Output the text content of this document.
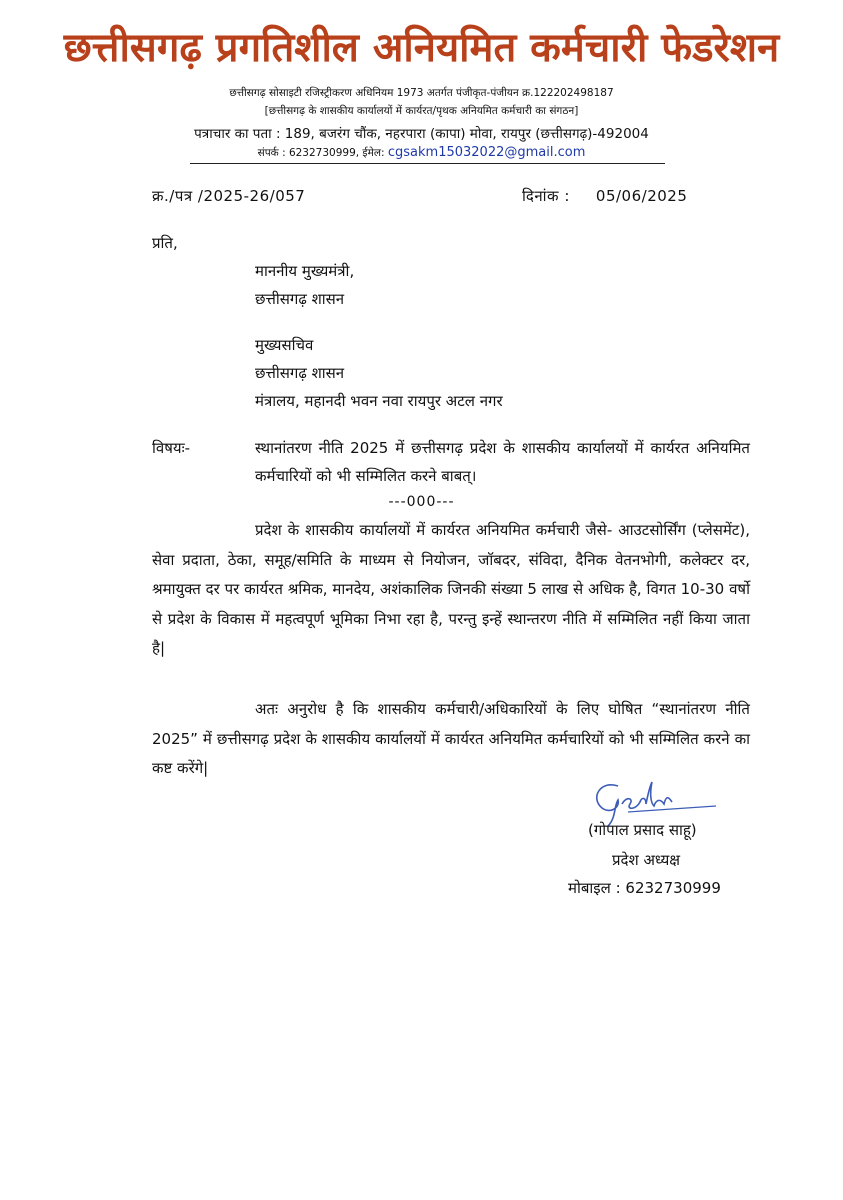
छत्तीसगढ़ प्रगतिशील अनियमित कर्मचारी फेडरेशन
छत्तीसगढ़ सोसाइटी रजिस्ट्रीकरण अधिनियम 1973 अतर्गत पंजीकृत-पंजीयन क्र.122202498187
[छत्तीसगढ़ के शासकीय कार्यालयों में कार्यरत/पृथक अनियमित कर्मचारी का संगठन]
पत्राचार का पता : 189, बजरंग चौंक, नहरपारा (कापा) मोवा, रायपुर (छत्तीसगढ़)-492004
संपर्क : 6232730999, ईमेल: cgsakm15032022@gmail.com
क्र./पत्र /2025-26/057	दिनांक : 05/06/2025
प्रति,
माननीय मुख्यमंत्री,
छत्तीसगढ़ शासन
मुख्यसचिव
छत्तीसगढ़ शासन
मंत्रालय, महानदी भवन नवा रायपुर अटल नगर
विषयः-	स्थानांतरण नीति 2025 में छत्तीसगढ़ प्रदेश के शासकीय कार्यालयों में कार्यरत अनियमित कर्मचारियों को भी सम्मिलित करने बाबत्।
---000---
प्रदेश के शासकीय कार्यालयों में कार्यरत अनियमित कर्मचारी जैसे- आउटसोर्सिंग (प्लेसमेंट), सेवा प्रदाता, ठेका, समूह/समिति के माध्यम से नियोजन, जॉबदर, संविदा, दैनिक वेतनभोगी, कलेक्टर दर, श्रमायुक्त दर पर कार्यरत श्रमिक, मानदेय, अशंकालिक जिनकी संख्या 5 लाख से अधिक है, विगत 10-30 वर्षो से प्रदेश के विकास में महत्वपूर्ण भूमिका निभा रहा है, परन्तु इन्हें स्थान्तरण नीति में सम्मिलित नहीं किया जाता है|
अतः अनुरोध है कि शासकीय कर्मचारी/अधिकारियों के लिए घोषित “स्थानांतरण नीति 2025” में छत्तीसगढ़ प्रदेश के शासकीय कार्यालयों में कार्यरत अनियमित कर्मचारियों को भी सम्मिलित करने का कष्ट करेंगे|
(गोपाल प्रसाद साहू)
प्रदेश अध्यक्ष
मोबाइल : 6232730999
